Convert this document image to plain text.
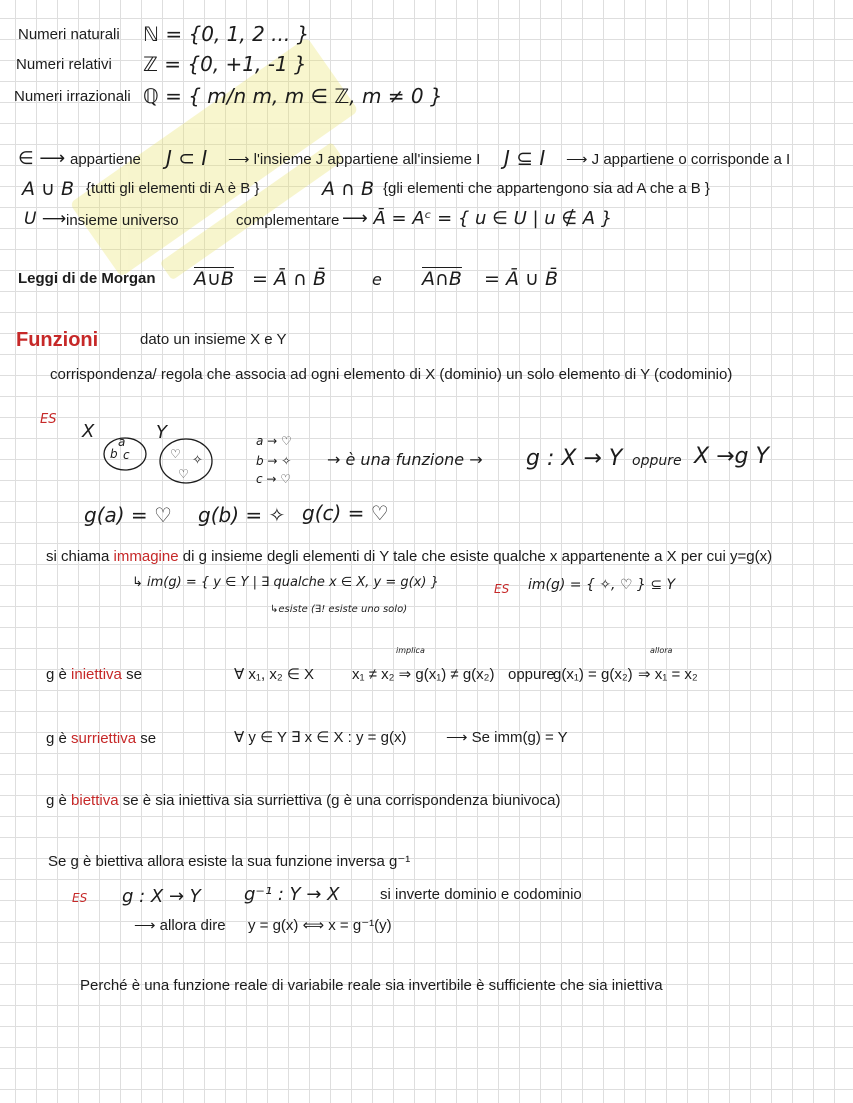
Numeri naturali ℕ = {0, 1, 2 ... }
Numeri relativi ℤ = {0, +1, -1 }
Numeri irrazionali ℚ = { m/n m, m ∈ ℤ, m ≠ 0 }
∈ ⟶ appartiene J ⊂ I ⟶ l'insieme J appartiene all'insieme I J ⊆ I ⟶ J appartiene o corrisponde a I
A ∪ B {tutti gli elementi di A è B }	A ∩ B {gli elementi che appartengono sia ad A che a B }
U ⟶ insieme universo	complementare ⟶ Ā = Aᶜ = { u ∈ U | u ∉ A }
Leggi di de Morgan A∪B = Ā ∩ B̄	e A∩B = Ā ∪ B̄
Funzioni	dato un insieme X e Y
corrispondenza/ regola che associa ad ogni elemento di X (dominio) un solo elemento di Y (codominio)
ES
X	Y
a
b c	♡ ✧
♡
a → ♡
b → ✧
c → ♡
→ è una funzione → g : X → Y oppure X →g Y
g(a) = ♡ g(b) = ✧ g(c) = ♡
si chiama immagine di g insieme degli elementi di Y tale che esiste qualche x appartenente a X per cui y=g(x)
↳ im(g) = { y ∈ Y | ∃ qualche x ∈ X, y = g(x) }
↳esiste (∃! esiste uno solo)
ES im(g) = { ✧, ♡ } ⊆ Y
g è iniettiva se	∀ x₁, x₂ ∈ X
implica
x₁ ≠ x₂ ⇒ g(x₁) ≠ g(x₂) oppure
g(x₁) = g(x₂)
allora
⇒ x₁ = x₂
g è surriettiva se	∀ y ∈ Y ∃ x ∈ X : y = g(x)	⟶ Se imm(g) = Y
g è biettiva se è sia iniettiva sia surriettiva (g è una corrispondenza biunivoca)
Se g è biettiva allora esiste la sua funzione inversa g⁻¹
ES g : X → Y g⁻¹ : Y → X	si inverte dominio e codominio
⟶ allora dire y = g(x) ⟺ x = g⁻¹(y)
Perché è una funzione reale di variabile reale sia invertibile è sufficiente che sia iniettiva
